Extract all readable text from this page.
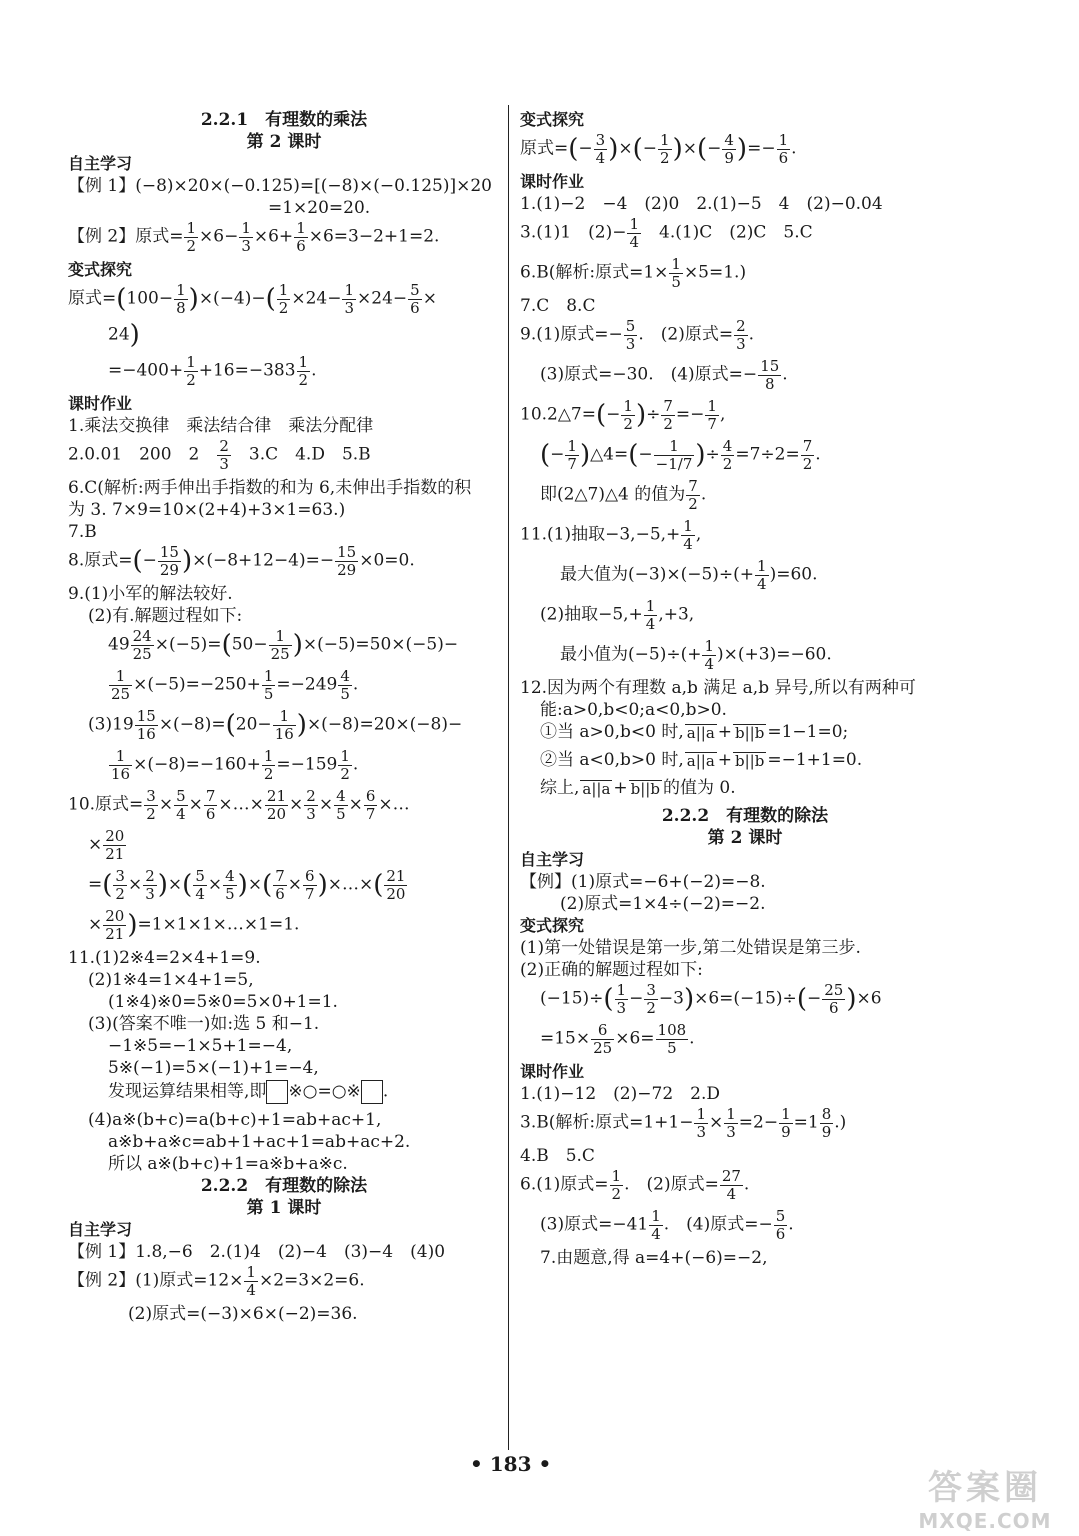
2.2.1　有理数的乘法
第 2 课时
自主学习
【例 1】(−8)×20×(−0.125)=[(−8)×(−0.125)]×20
=1×20=20.
【例 2】原式= $\frac{1}{2} \times 6- \frac{1}{3} \times 6+ \frac{1}{6} \times 6=3-2+1=2$.
变式探究
原式$=(100- \frac{1}{8} )\times(-4)-( \frac{1}{2} \times 24- \frac{1}{3} \times 24- \frac{5}{6}$ ×
24)
$=-400+ \frac{1}{2} +16=-383 \frac{1}{2}$ .
课时作业
1.乘法交换律　乘法结合律　乘法分配律
2.0.01　200　2　 $\frac{2}{3}$ 　3.C　4.D　5.B
6.C(解析:两手伸出手指数的和为 6,未伸出手指数的积
为 3. 7×9=10×(2+4)+3×1=63.)
7.B
8.原式=(− $\frac{15}{29} )\times(-8+12-4)=- \frac{15}{29} \times 0=0$.
9.(1)小军的解法较好.
(2)有.解题过程如下:
$49 \frac{24}{25} \times(-5)=(50- \frac{1}{25} )\times(-5)=50\times(-5)-$
$\frac{1}{25} \times(-5)=-250+ \frac{1}{5} =-249 \frac{4}{5}$ .
$(3)19 \frac{15}{16} \times(-8)=(20- \frac{1}{16} )\times(-8)=20\times(-8)-$
$\frac{1}{16} \times(-8)=-160+ \frac{1}{2} =-159 \frac{1}{2}$ .
10.原式= $\frac{3}{2} \times \frac{5}{4} \times \frac{7}{6}$ ×…× $\frac{21}{20} \times \frac{2}{3} \times \frac{4}{5} \times \frac{6}{7}$ ×…
× $\frac{20}{21}$
=( $\frac{3}{2} \times \frac{2}{3}$ )×( $\frac{5}{4} \times \frac{4}{5}$ )×( $\frac{7}{6} \times \frac{6}{7}$ )×…×( $\frac{21}{20}$
× $\frac{20}{21}$ )=1×1×1×…×1=1.
11.(1)2※4=2×4+1=9.
(2)1※4=1×4+1=5,
(1※4)※0=5※0=5×0+1=1.
(3)(答案不唯一)如:选 5 和−1.
−1※5=−1×5+1=−4,
5※(−1)=5×(−1)+1=−4,
发现运算结果相等,即 ※○=○※ .
(4)a※(b+c)=a(b+c)+1=ab+ac+1,
a※b+a※c=ab+1+ac+1=ab+ac+2.
所以 a※(b+c)+1=a※b+a※c.
2.2.2　有理数的除法
第 1 课时
自主学习
【例 1】1.8,−6　2.(1)4　(2)−4　(3)−4　(4)0
【例 2】(1)原式$=12\times \frac{1}{4} \times 2=3\times 2=6$.
(2)原式=(−3)×6×(−2)=36.
变式探究
原式=(− $\frac{3}{4}$ )×(− $\frac{1}{2}$ )×(− $\frac{4}{9}$ )=− $\frac{1}{6}$ .
课时作业
1.(1)−2　−4　(2)0　2.(1)−5　4　(2)−0.04
3.(1)1　$(2)- \frac{1}{4}$ 　4.(1)C　(2)C　5.C
6.B(解析:原式$=1\times \frac{1}{5} \times 5=1$.)
7.C　8.C
9.(1)原式=− $\frac{5}{3}$ .　(2)原式= $\frac{2}{3}$ .
(3)原式=−30.　(4)原式=− $\frac{15}{8}$ .
10.2△7=(− $\frac{1}{2}$ )÷ $\frac{7}{2} =- \frac{1}{7}$ ,
(− $\frac{1}{7}$ )△4=(− $\frac{1}{-1/7}$ )÷ $\frac{4}{2} =7\div 2= \frac{7}{2}$ .
即(2△7)△4 的值为 $\frac{7}{2}$ .
11.(1)抽取$-3,-5,+ \frac{1}{4}$ ,
最大值为$(-3)\times(-5)\div(+ \frac{1}{4} )=60$.
(2)抽取$-5,+ \frac{1}{4} ,+3$,
最小值为$(-5)\div(+ \frac{1}{4} )\times(+3)=-60$.
12.因为两个有理数 a,b 满足 a,b 异号,所以有两种可
能:a>0,b<0;a<0,b>0.
①当 a>0,b<0 时, a||a + b||b =1−1=0;
②当 a<0,b>0 时, a||a + b||b =−1+1=0.
综上, a||a + b||b 的值为 0.
2.2.2　有理数的除法
第 2 课时
自主学习
【例】(1)原式=−6+(−2)=−8.
(2)原式=1×4÷(−2)=−2.
变式探究
(1)第一处错误是第一步,第二处错误是第三步.
(2)正确的解题过程如下:
$(-15)\div( \frac{1}{3} - \frac{3}{2} -3)\times 6=(-15)\div(- \frac{25}{6} )\times 6$
$=15\times \frac{6}{25} \times 6= \frac{108}{5}$ .
课时作业
1.(1)−12　(2)−72　2.D
3.B(解析:原式$=1+1- \frac{1}{3} \times \frac{1}{3} =2- \frac{1}{9} =1 \frac{8}{9}$ .)
4.B　5.C
6.(1)原式= $\frac{1}{2}$ .　(2)原式= $\frac{27}{4}$ .
(3)原式$=-41 \frac{1}{4}$ .　(4)原式=− $\frac{5}{6}$ .
7.由题意,得 a=4+(−6)=−2,
• 183 •
答案圈
MXQE.COM
